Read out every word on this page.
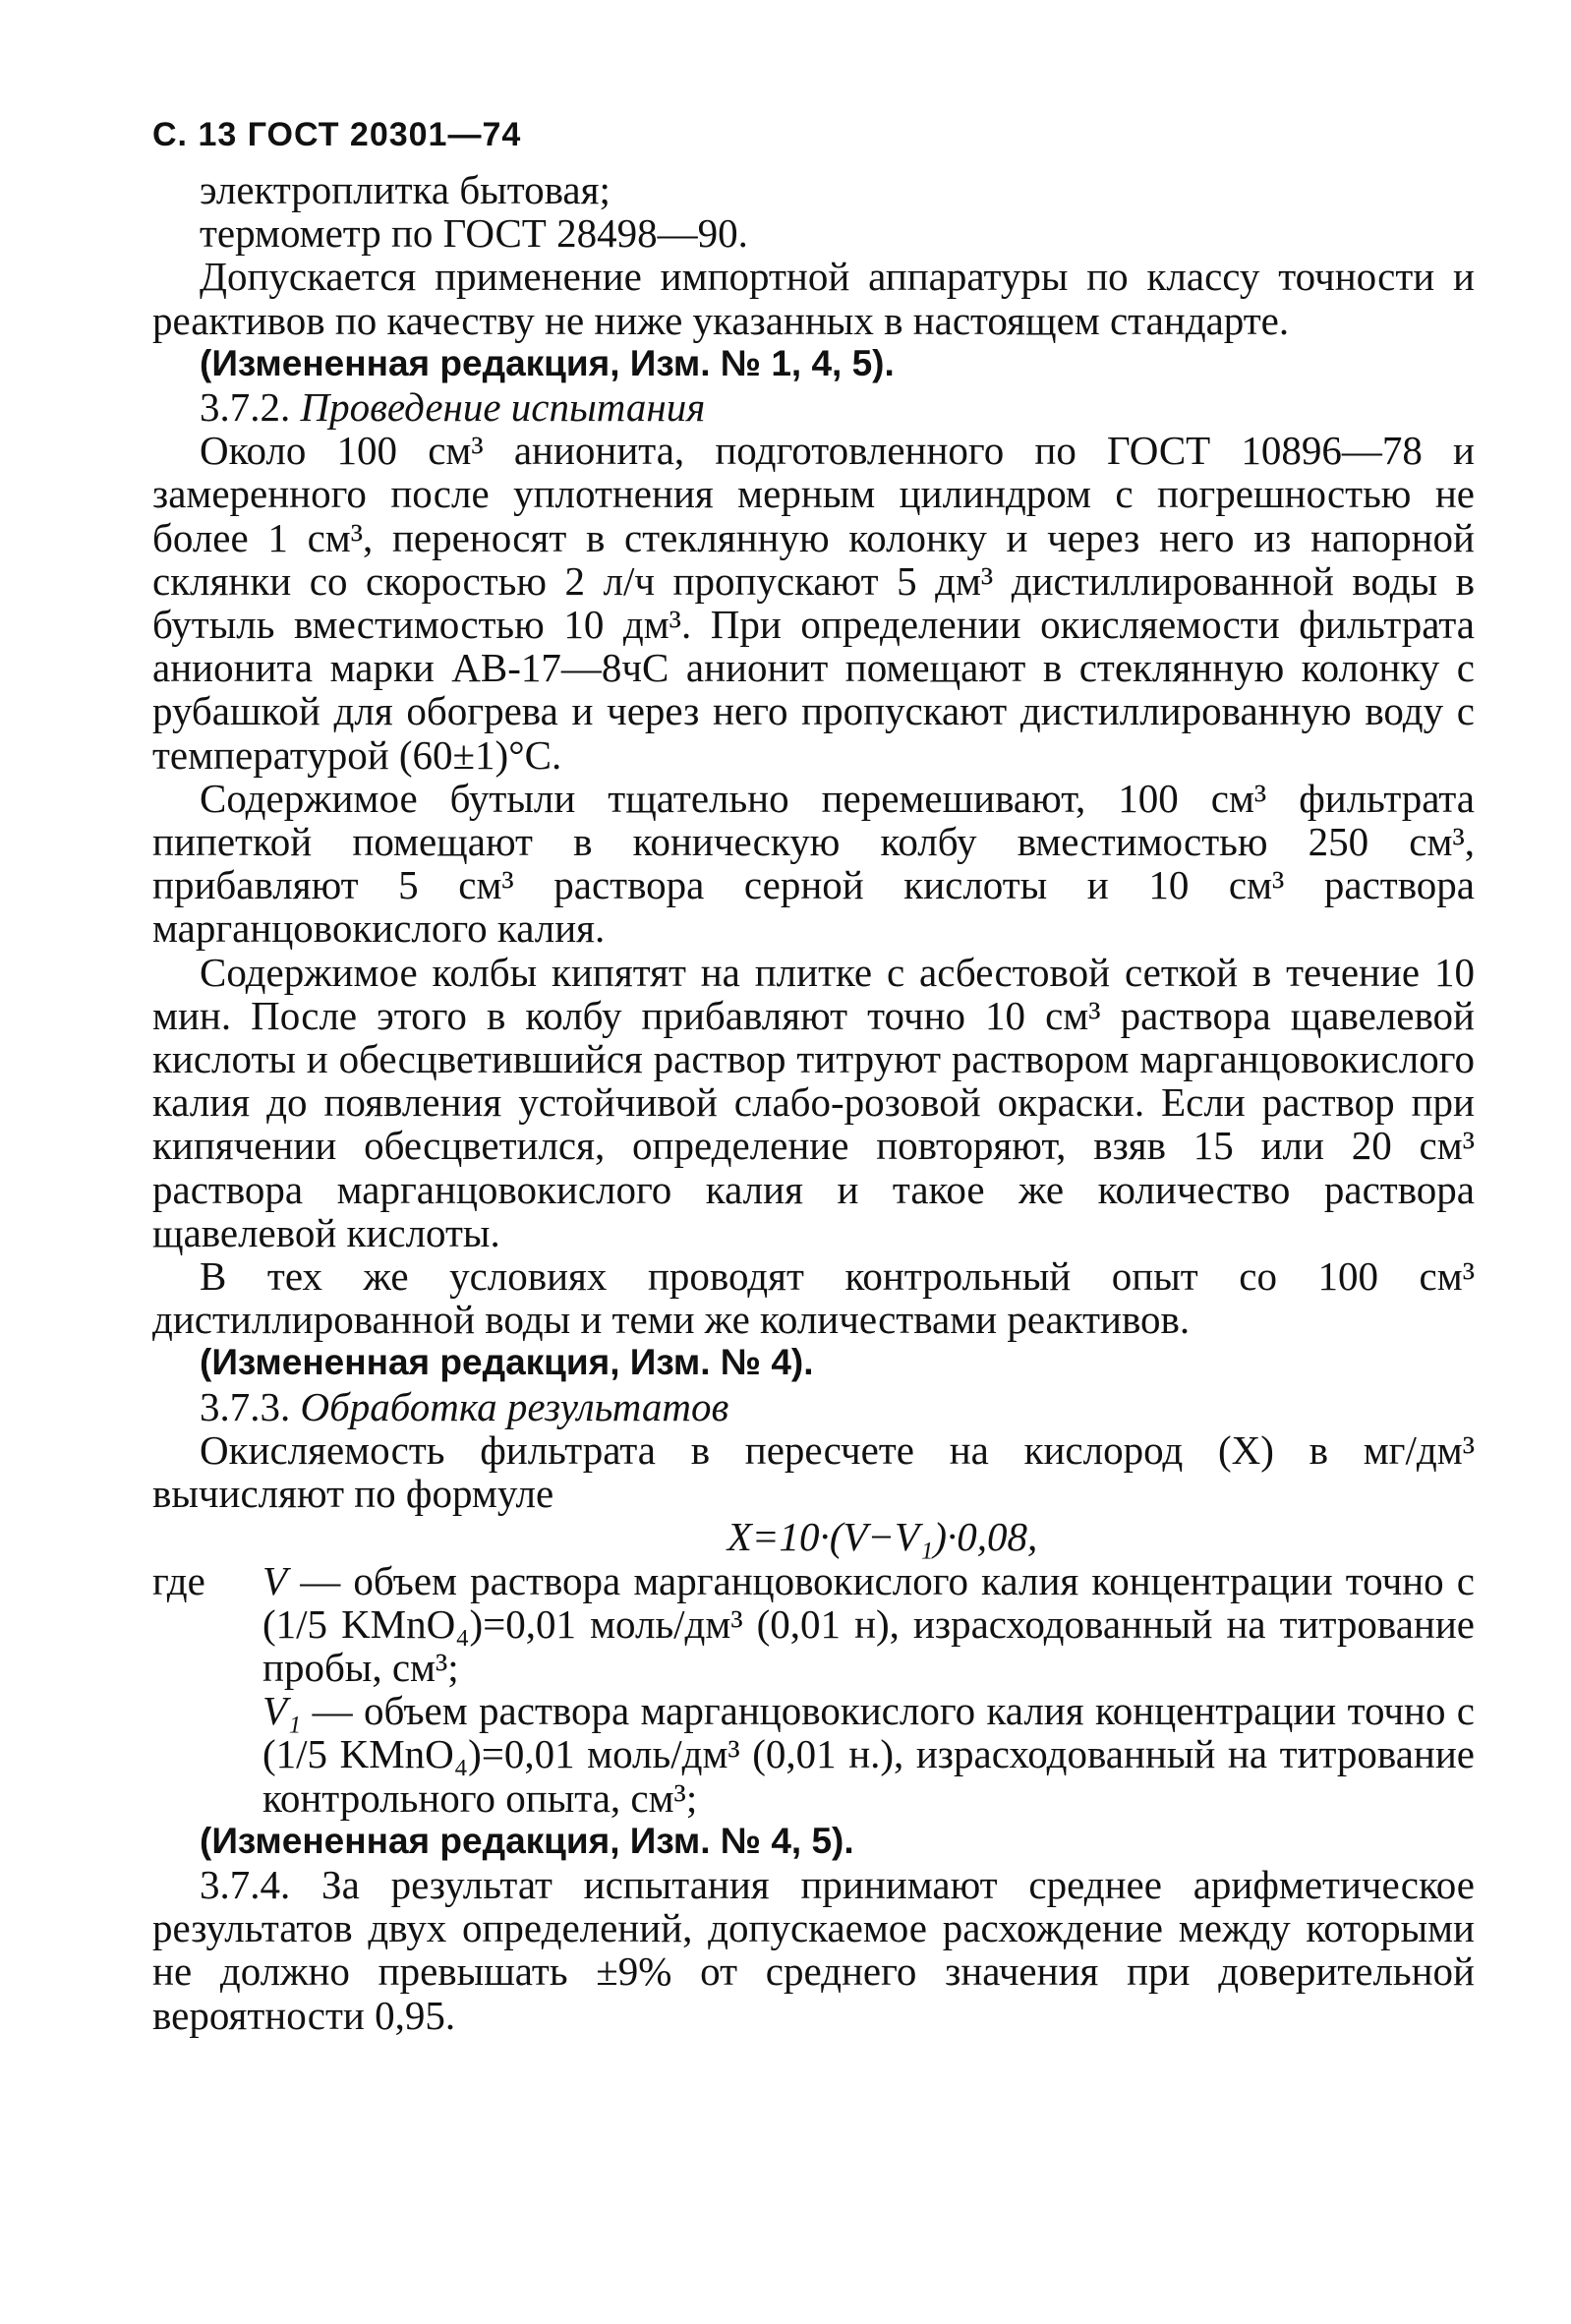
С. 13 ГОСТ 20301—74

электроплитка бытовая;

термометр по ГОСТ 28498—90.

Допускается применение импортной аппаратуры по классу точности и реактивов по качеству не ниже указанных в настоящем стандарте.

(Измененная редакция, Изм. № 1, 4, 5).

3.7.2. Проведение испытания

Около 100 см³ анионита, подготовленного по ГОСТ 10896—78 и замеренного после уплотнения мерным цилиндром с погрешностью не более 1 см³, переносят в стеклянную колонку и через него из напорной склянки со скоростью 2 л/ч пропускают 5 дм³ дистиллированной воды в бутыль вместимостью 10 дм³. При определении окисляемости фильтрата анионита марки АВ-17—8чС анионит помещают в стеклянную колонку с рубашкой для обогрева и через него пропускают дистиллированную воду с температурой (60±1)°С.

Содержимое бутыли тщательно перемешивают, 100 см³ фильтрата пипеткой помещают в коническую колбу вместимостью 250 см³, прибавляют 5 см³ раствора серной кислоты и 10 см³ раствора марганцовокислого калия.

Содержимое колбы кипятят на плитке с асбестовой сеткой в течение 10 мин. После этого в колбу прибавляют точно 10 см³ раствора щавелевой кислоты и обесцветившийся раствор титруют раствором марганцовокислого калия до появления устойчивой слабо-розовой окраски. Если раствор при кипячении обесцветился, определение повторяют, взяв 15 или 20 см³ раствора марганцовокислого калия и такое же количество раствора щавелевой кислоты.

В тех же условиях проводят контрольный опыт со 100 см³ дистиллированной воды и теми же количествами реактивов.

(Измененная редакция, Изм. № 4).

3.7.3. Обработка результатов

Окисляемость фильтрата в пересчете на кислород (X) в мг/дм³ вычисляют по формуле

X=10·(V−V₁)·0,08,

где	V — объем раствора марганцовокислого калия концентрации точно c (1/5 KMnO₄)=0,01 моль/дм³ (0,01 н), израсходованный на титрование пробы, см³;
V₁ — объем раствора марганцовокислого калия концентрации точно c (1/5 KMnO₄)=0,01 моль/дм³ (0,01 н.), израсходованный на титрование контрольного опыта, см³;

(Измененная редакция, Изм. № 4, 5).

3.7.4. За результат испытания принимают среднее арифметическое результатов двух определений, допускаемое расхождение между которыми не должно превышать ±9% от среднего значения при доверительной вероятности 0,95.
